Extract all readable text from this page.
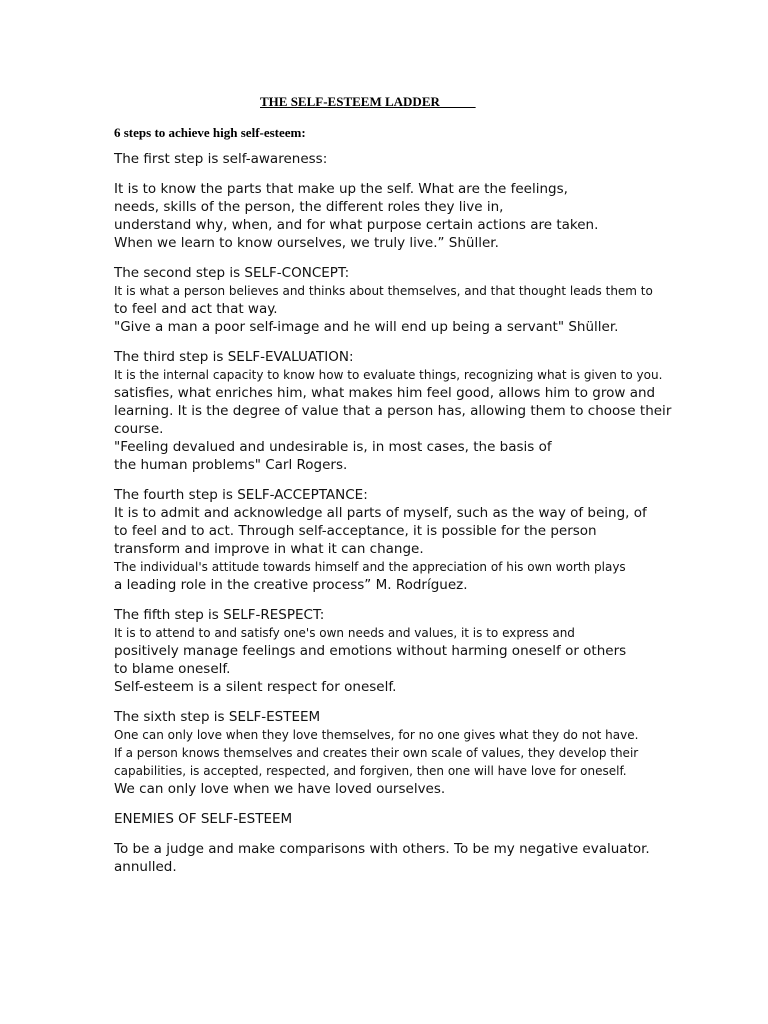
THE SELF-ESTEEM LADDER
6 steps to achieve high self-esteem:
The first step is self-awareness:
It is to know the parts that make up the self. What are the feelings,
needs, skills of the person, the different roles they live in,
understand why, when, and for what purpose certain actions are taken.
When we learn to know ourselves, we truly live.” Shüller.
The second step is SELF-CONCEPT:
It is what a person believes and thinks about themselves, and that thought leads them to
to feel and act that way.
"Give a man a poor self-image and he will end up being a servant" Shüller.
The third step is SELF-EVALUATION:
It is the internal capacity to know how to evaluate things, recognizing what is given to you.
satisfies, what enriches him, what makes him feel good, allows him to grow and
learning. It is the degree of value that a person has, allowing them to choose their
course.
"Feeling devalued and undesirable is, in most cases, the basis of
the human problems" Carl Rogers.
The fourth step is SELF-ACCEPTANCE:
It is to admit and acknowledge all parts of myself, such as the way of being, of
to feel and to act. Through self-acceptance, it is possible for the person
transform and improve in what it can change.
The individual's attitude towards himself and the appreciation of his own worth plays
a leading role in the creative process” M. Rodríguez.
The fifth step is SELF-RESPECT:
It is to attend to and satisfy one's own needs and values, it is to express and
positively manage feelings and emotions without harming oneself or others
to blame oneself.
Self-esteem is a silent respect for oneself.
The sixth step is SELF-ESTEEM
One can only love when they love themselves, for no one gives what they do not have.
If a person knows themselves and creates their own scale of values, they develop their
capabilities, is accepted, respected, and forgiven, then one will have love for oneself.
We can only love when we have loved ourselves.
ENEMIES OF SELF-ESTEEM
To be a judge and make comparisons with others. To be my negative evaluator.
annulled.
